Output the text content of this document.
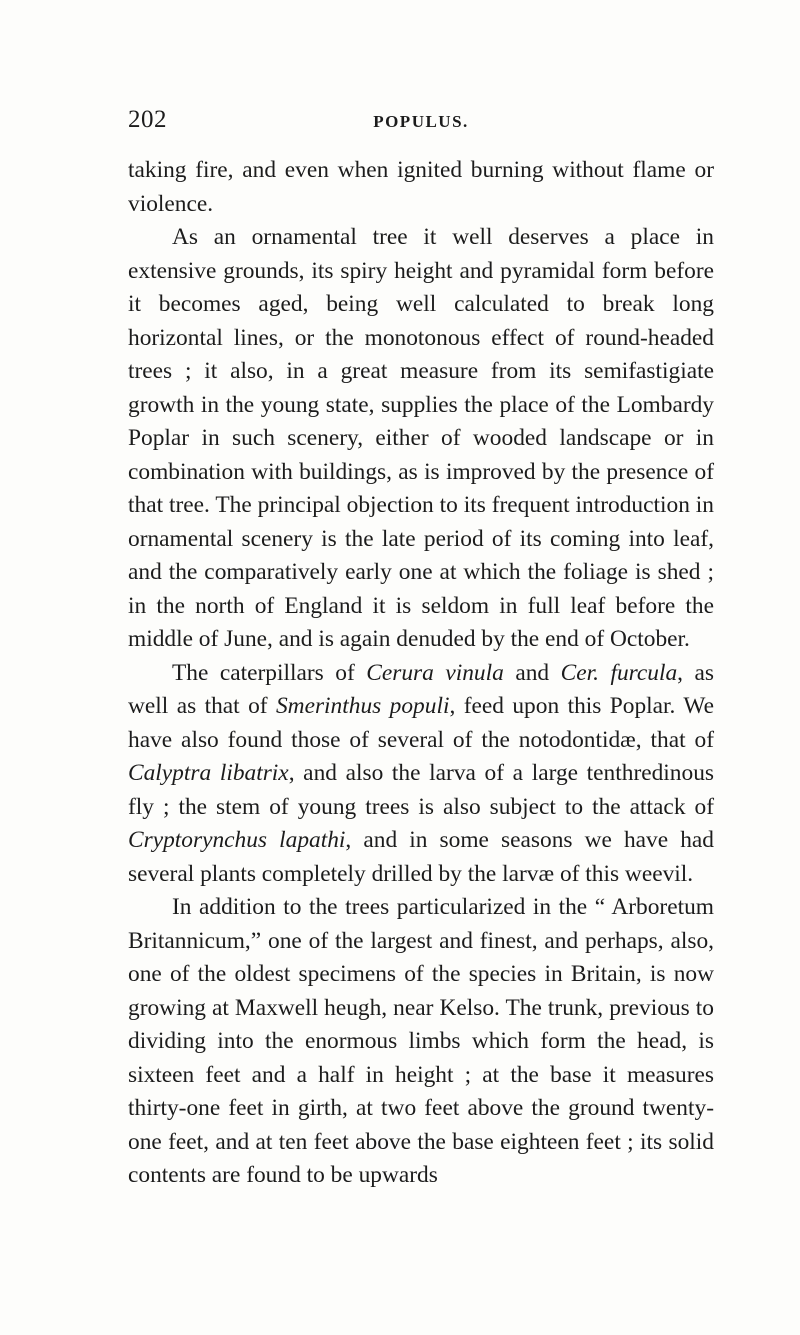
202	POPULUS.

taking fire, and even when ignited burning without flame or violence.

As an ornamental tree it well deserves a place in extensive grounds, its spiry height and pyramidal form before it becomes aged, being well calculated to break long horizontal lines, or the monotonous effect of round-headed trees ; it also, in a great measure from its semifastigiate growth in the young state, supplies the place of the Lombardy Poplar in such scenery, either of wooded landscape or in combination with buildings, as is improved by the presence of that tree. The principal objection to its frequent introduction in ornamental scenery is the late period of its coming into leaf, and the comparatively early one at which the foliage is shed ; in the north of England it is seldom in full leaf before the middle of June, and is again denuded by the end of October.

The caterpillars of Cerura vinula and Cer. furcula, as well as that of Smerinthus populi, feed upon this Poplar. We have also found those of several of the notodontidæ, that of Calyptra libatrix, and also the larva of a large tenthredinous fly ; the stem of young trees is also subject to the attack of Cryptorynchus lapathi, and in some seasons we have had several plants completely drilled by the larvæ of this weevil.

In addition to the trees particularized in the “ Arboretum Britannicum,” one of the largest and finest, and perhaps, also, one of the oldest specimens of the species in Britain, is now growing at Maxwell heugh, near Kelso. The trunk, previous to dividing into the enormous limbs which form the head, is sixteen feet and a half in height ; at the base it measures thirty-one feet in girth, at two feet above the ground twenty-one feet, and at ten feet above the base eighteen feet ; its solid contents are found to be upwards
